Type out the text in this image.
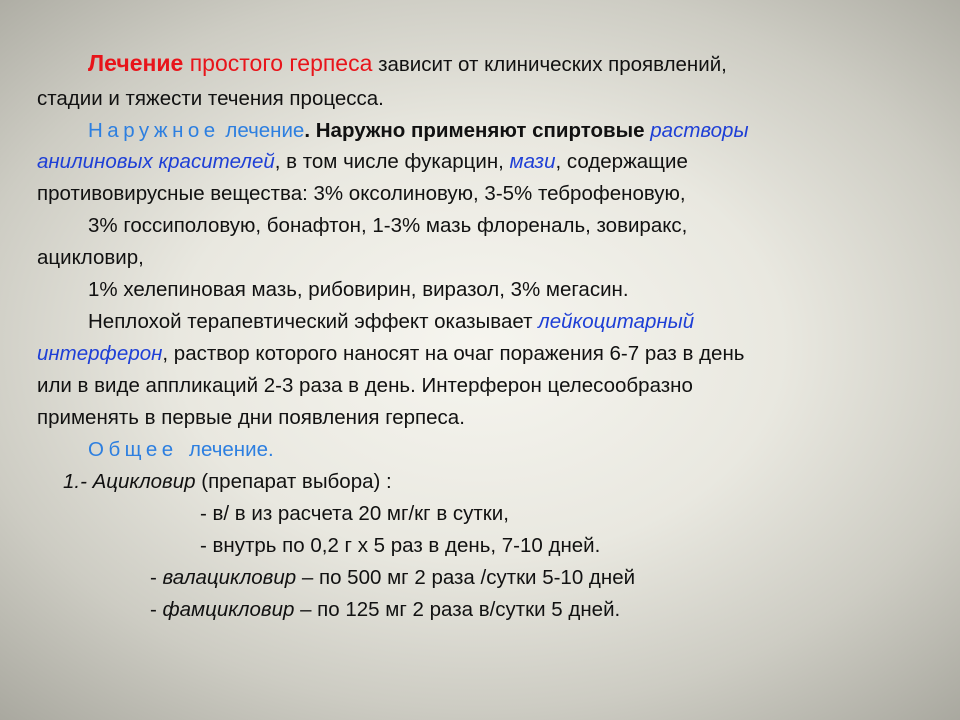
Лечение простого герпеса зависит от клинических проявлений,
стадии и тяжести течения процесса.
Наружное лечение. Наружно применяют спиртовые растворы
анилиновых красителей, в том числе фукарцин, мази, содержащие
противовирусные вещества: 3% оксолиновую, 3-5% теброфеновую,
3% госсиполовую, бонафтон, 1-3% мазь флореналь, зовиракс,
ацикловир,
1% хелепиновая мазь, рибовирин, виразол, 3% мегасин.
Неплохой терапевтический эффект оказывает лейкоцитарный
интерферон, раствор которого наносят на очаг поражения 6-7 раз в день
или в виде аппликаций 2-3 раза в день. Интерферон целесообразно
применять в первые дни появления герпеса.
Общее  лечение.
1.- Ацикловир (препарат выбора) :
- в/ в из расчета 20 мг/кг в сутки,
- внутрь по 0,2 г х 5 раз в день, 7-10 дней.
- валацикловир – по 500 мг 2 раза /сутки 5-10 дней
- фамцикловир – по 125 мг 2 раза в/сутки 5 дней.
